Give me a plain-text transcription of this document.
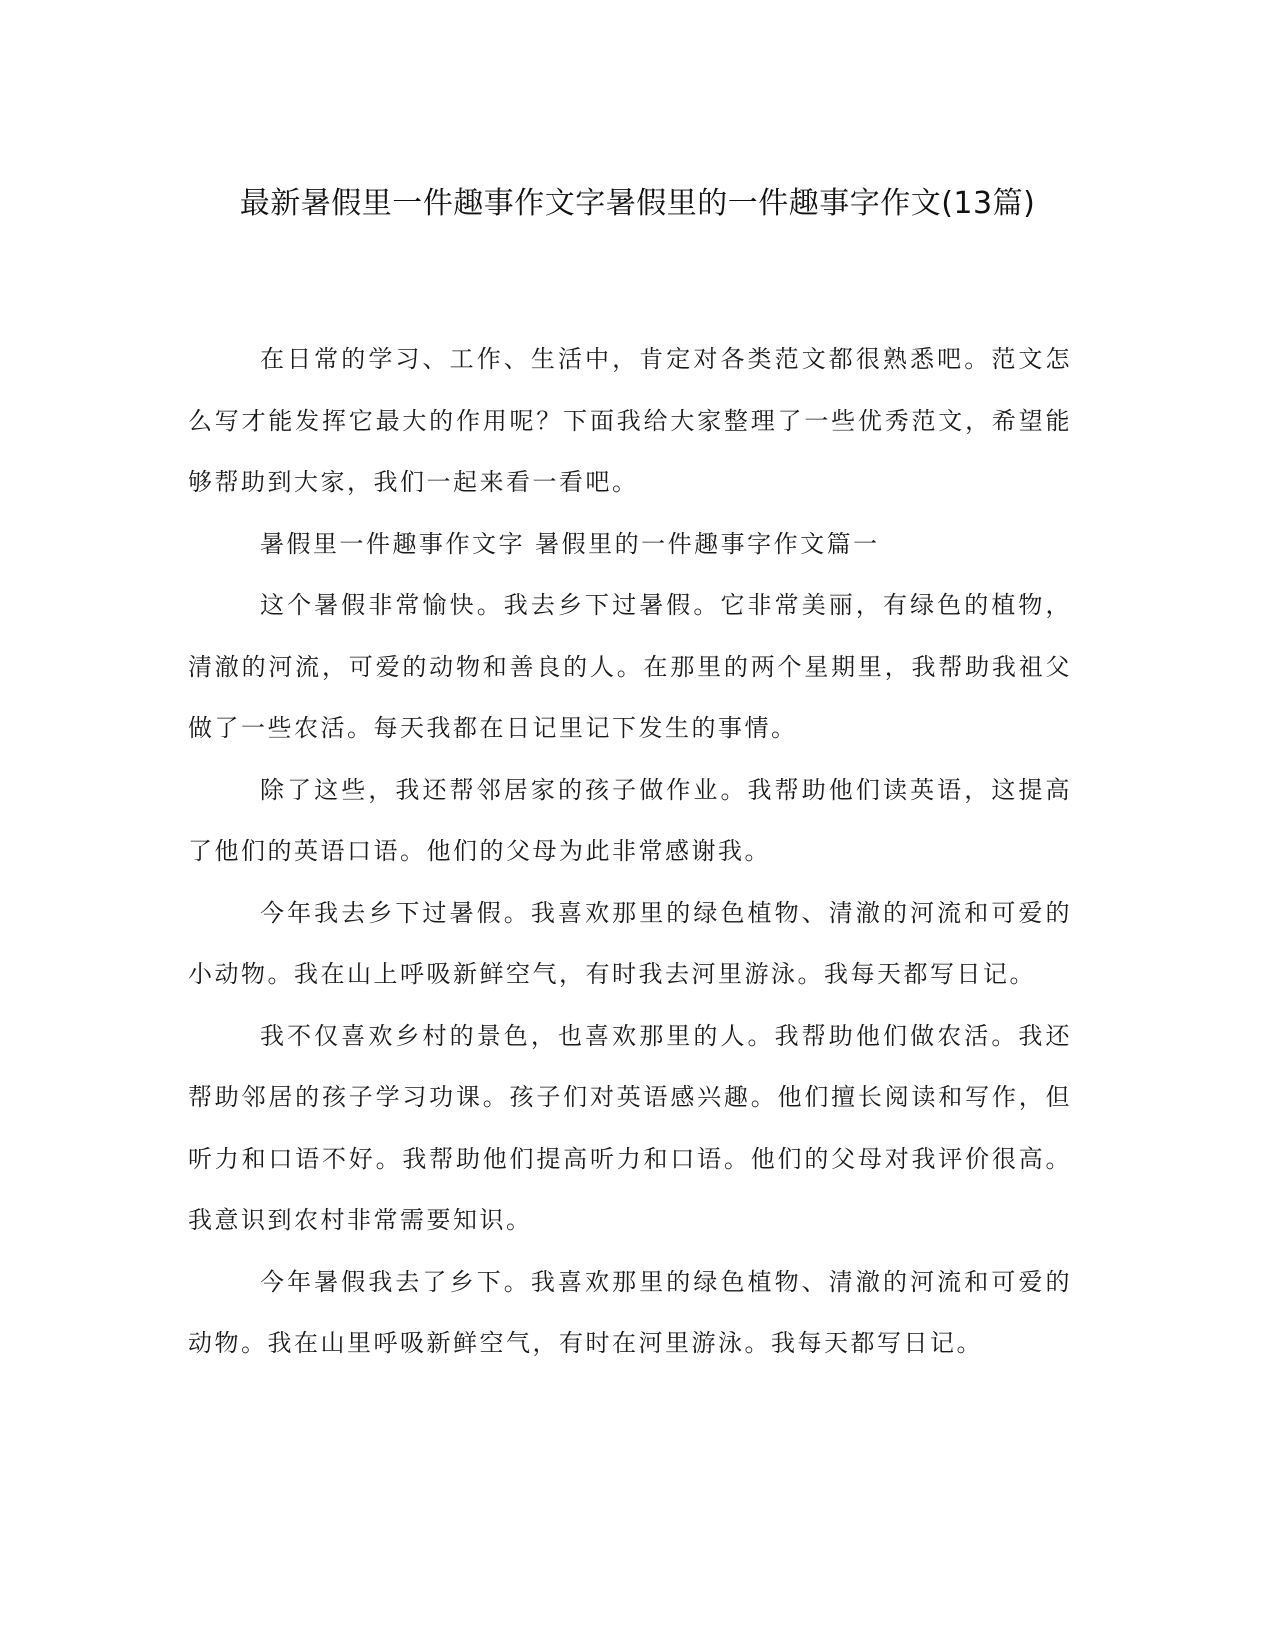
最新暑假里一件趣事作文字暑假里的一件趣事字作文(13篇)

在日常的学习、工作、生活中，肯定对各类范文都很熟悉吧。范文怎么写才能发挥它最大的作用呢？下面我给大家整理了一些优秀范文，希望能够帮助到大家，我们一起来看一看吧。

暑假里一件趣事作文字 暑假里的一件趣事字作文篇一

这个暑假非常愉快。我去乡下过暑假。它非常美丽，有绿色的植物，清澈的河流，可爱的动物和善良的人。在那里的两个星期里，我帮助我祖父做了一些农活。每天我都在日记里记下发生的事情。

除了这些，我还帮邻居家的孩子做作业。我帮助他们读英语，这提高了他们的英语口语。他们的父母为此非常感谢我。

今年我去乡下过暑假。我喜欢那里的绿色植物、清澈的河流和可爱的小动物。我在山上呼吸新鲜空气，有时我去河里游泳。我每天都写日记。

我不仅喜欢乡村的景色，也喜欢那里的人。我帮助他们做农活。我还帮助邻居的孩子学习功课。孩子们对英语感兴趣。他们擅长阅读和写作，但听力和口语不好。我帮助他们提高听力和口语。他们的父母对我评价很高。我意识到农村非常需要知识。

今年暑假我去了乡下。我喜欢那里的绿色植物、清澈的河流和可爱的动物。我在山里呼吸新鲜空气，有时在河里游泳。我每天都写日记。
